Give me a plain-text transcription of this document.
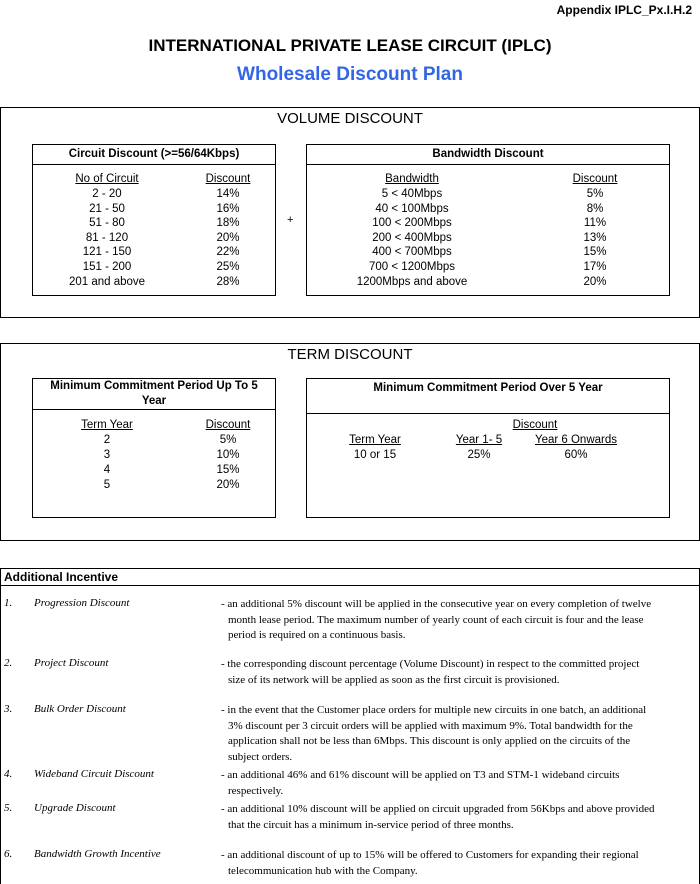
Appendix IPLC_Px.I.H.2
INTERNATIONAL PRIVATE LEASE CIRCUIT (IPLC)
Wholesale Discount Plan
VOLUME DISCOUNT
Circuit Discount (>=56/64Kbps)
No of Circuit	Discount
2 - 20	14%
21 - 50	16%
51 - 80	18%
81 - 120	20%
121 - 150	22%
151 - 200	25%
201 and above	28%
+
Bandwidth Discount
Bandwidth	Discount
5 < 40Mbps	5%
40 < 100Mbps	8%
100 < 200Mbps	11%
200 < 400Mbps	13%
400 < 700Mbps	15%
700 < 1200Mbps	17%
1200Mbps and above	20%
TERM DISCOUNT
Minimum Commitment Period Up To 5 Year
Term Year	Discount
2	5%
3	10%
4	15%
5	20%
Minimum Commitment Period Over 5 Year
Discount
Term Year	Year 1- 5	Year 6 Onwards
10 or 15	25%	60%
Additional Incentive
1. Progression Discount	- an additional 5% discount will be applied in the consecutive year on every completion of twelve
month lease period. The maximum number of yearly count of each circuit is four and the lease
period is required on a continuous basis.
2. Project Discount	- the corresponding discount percentage (Volume Discount) in respect to the committed project
size of its network will be applied as soon as the first circuit is provisioned.
3. Bulk Order Discount	- in the event that the Customer place orders for multiple new circuits in one batch, an additional
3% discount per 3 circuit orders will be applied with maximum 9%. Total bandwidth for the
application shall not be less than 6Mbps. This discount is only applied on the circuits of the
subject orders.
4. Wideband Circuit Discount	- an additional 46% and 61% discount will be applied on T3 and STM-1 wideband circuits
respectively.
5. Upgrade Discount	- an additional 10% discount will be applied on circuit upgraded from 56Kbps and above provided
that the circuit has a minimum in-service period of three months.
6. Bandwidth Growth Incentive	- an additional discount of up to 15% will be offered to Customers for expanding their regional
telecommunication hub with the Company.
